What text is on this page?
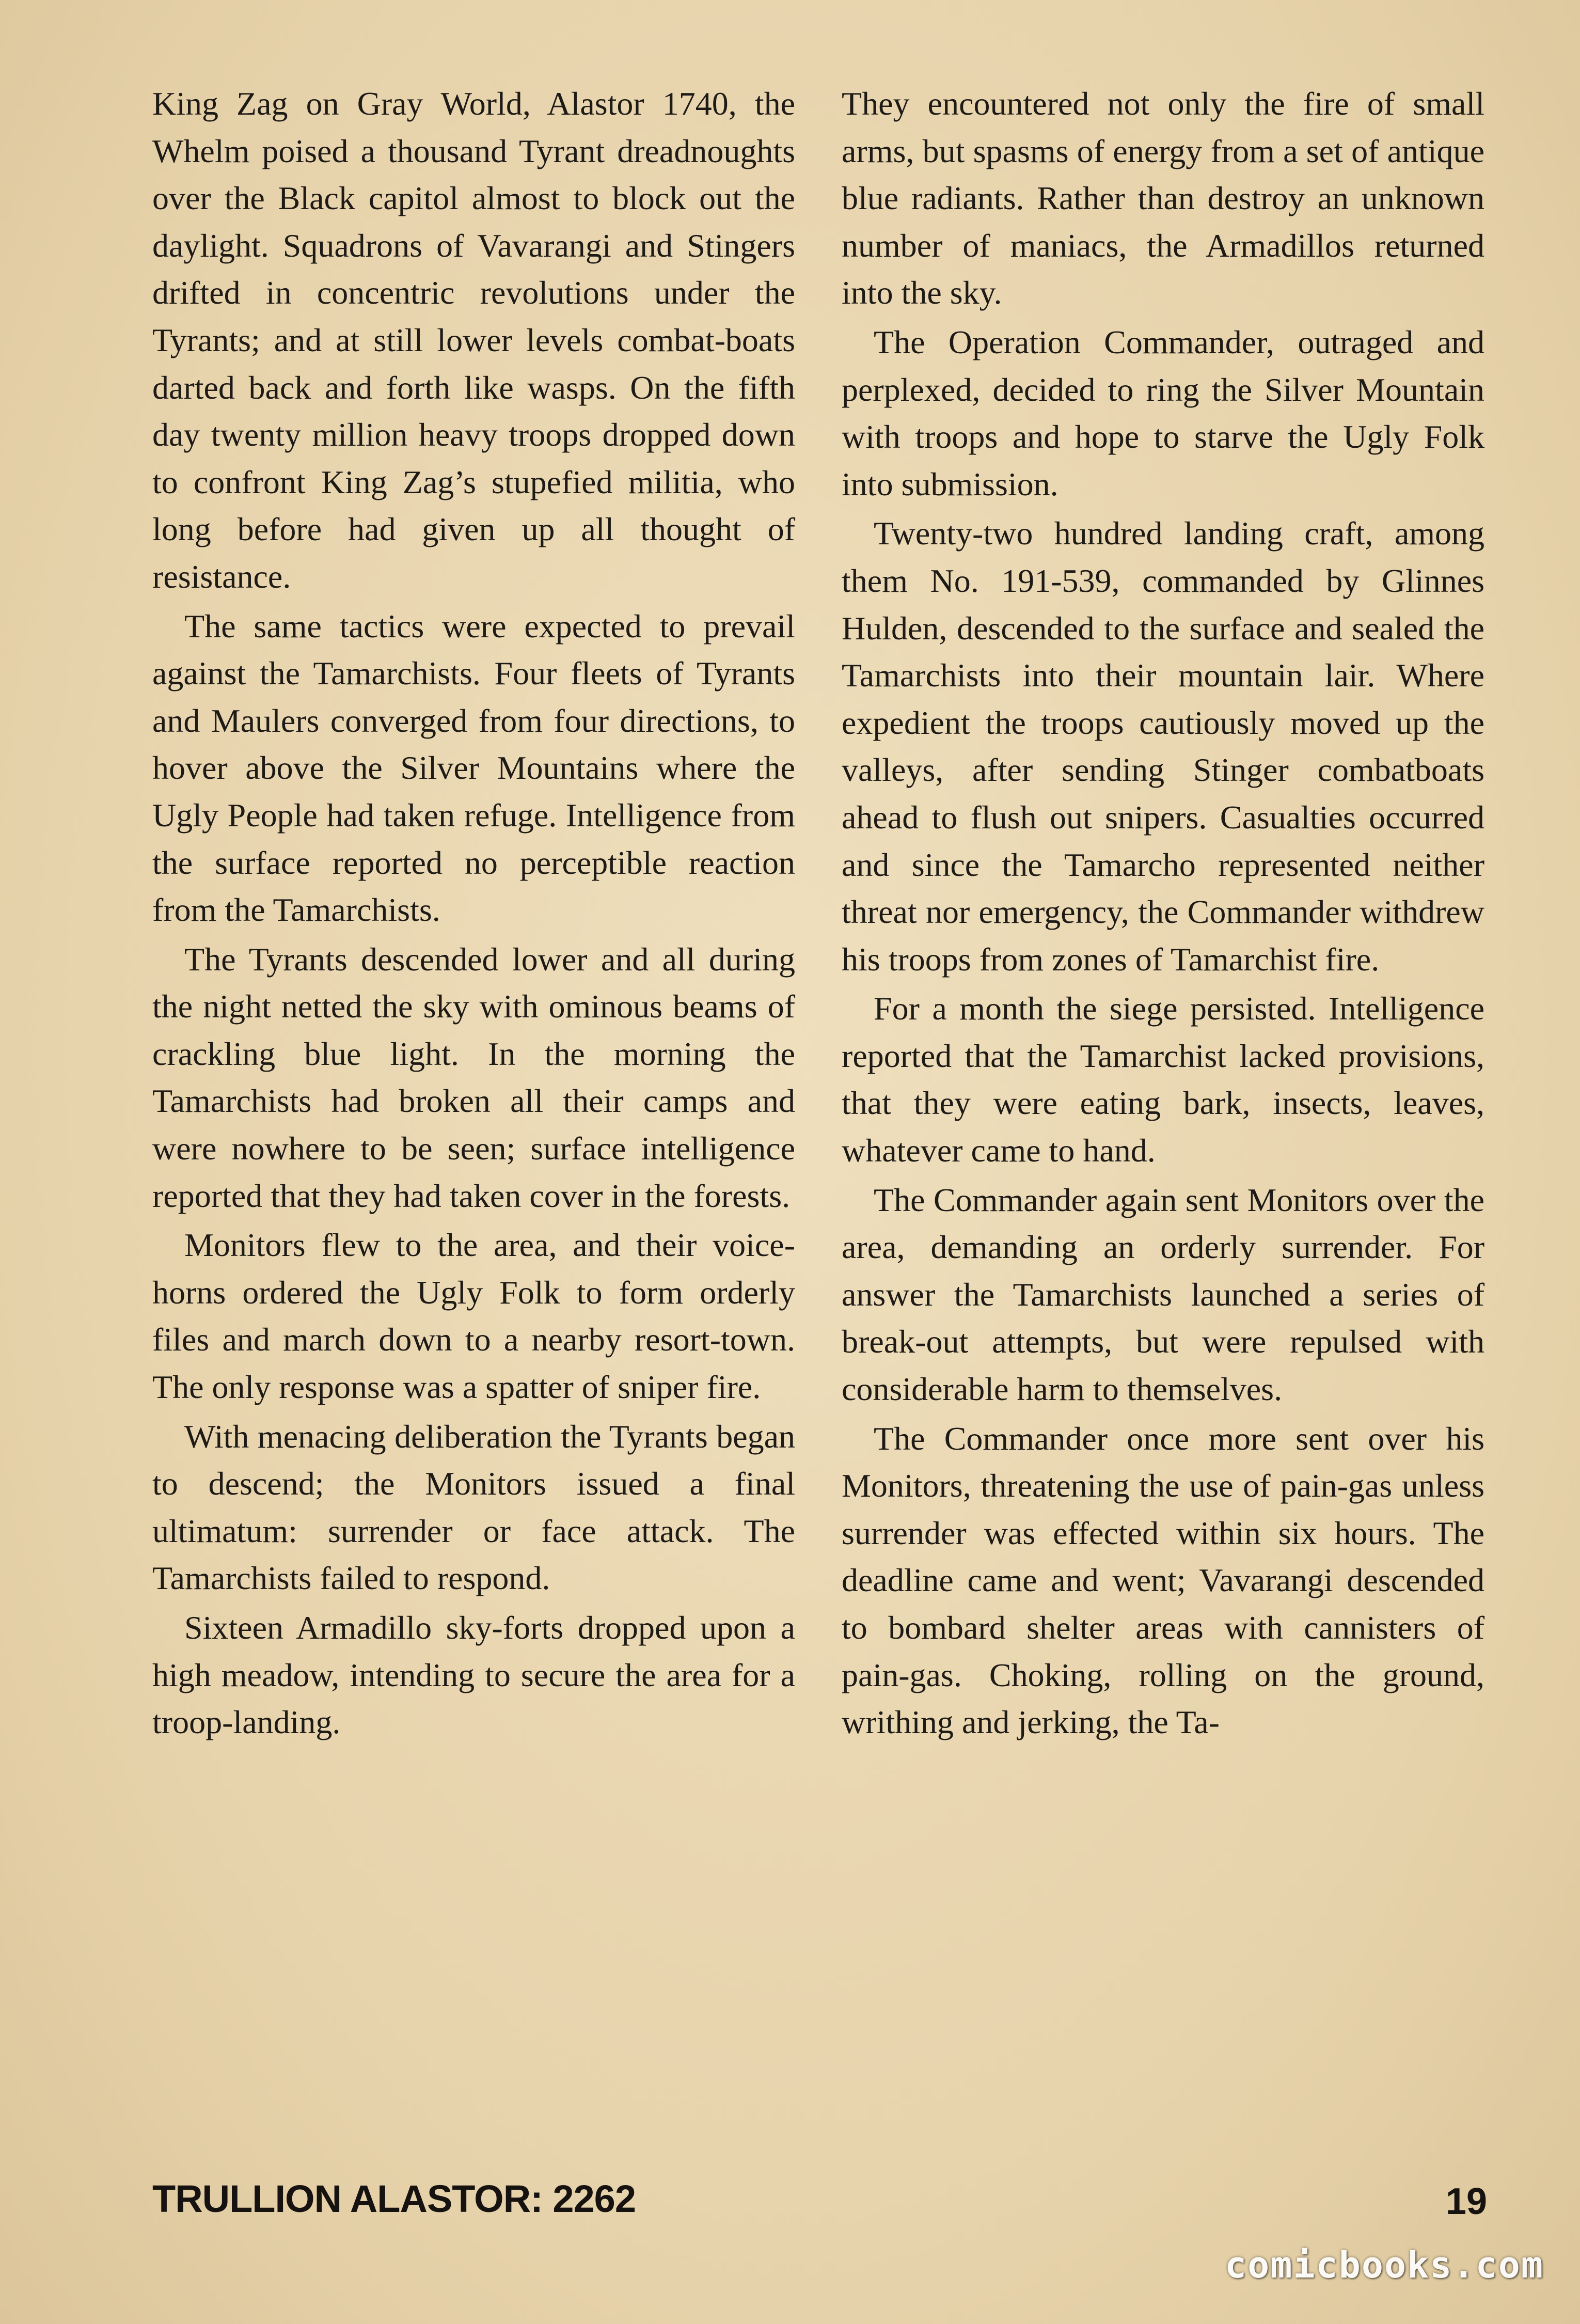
King Zag on Gray World, Alastor 1740, the Whelm poised a thousand Tyrant dreadnoughts over the Black capitol almost to block out the daylight. Squadrons of Vavarangi and Stingers drifted in concentric revolutions under the Tyrants; and at still lower levels combat-boats darted back and forth like wasps. On the fifth day twenty million heavy troops dropped down to confront King Zag’s stupefied militia, who long before had given up all thought of resistance.

The same tactics were expected to prevail against the Tamarchists. Four fleets of Tyrants and Maulers converged from four directions, to hover above the Silver Mountains where the Ugly People had taken refuge. Intelligence from the surface reported no perceptible reaction from the Tamarchists.

The Tyrants descended lower and all during the night netted the sky with ominous beams of crackling blue light. In the morning the Tamarchists had broken all their camps and were nowhere to be seen; surface intelligence reported that they had taken cover in the forests.

Monitors flew to the area, and their voice-horns ordered the Ugly Folk to form orderly files and march down to a nearby resort-town. The only response was a spatter of sniper fire.

With menacing deliberation the Tyrants began to descend; the Monitors issued a final ultimatum: surrender or face attack. The Tamarchists failed to respond.

Sixteen Armadillo sky-forts dropped upon a high meadow, intending to secure the area for a troop-landing.

They encountered not only the fire of small arms, but spasms of energy from a set of antique blue radiants. Rather than destroy an unknown number of maniacs, the Armadillos returned into the sky.

The Operation Commander, outraged and perplexed, decided to ring the Silver Mountain with troops and hope to starve the Ugly Folk into submission.

Twenty-two hundred landing craft, among them No. 191-539, commanded by Glinnes Hulden, descended to the surface and sealed the Tamarchists into their mountain lair. Where expedient the troops cautiously moved up the valleys, after sending Stinger combatboats ahead to flush out snipers. Casualties occurred and since the Tamarcho represented neither threat nor emergency, the Commander withdrew his troops from zones of Tamarchist fire.

For a month the siege persisted. Intelligence reported that the Tamarchist lacked provisions, that they were eating bark, insects, leaves, whatever came to hand.

The Commander again sent Monitors over the area, demanding an orderly surrender. For answer the Tamarchists launched a series of break-out attempts, but were repulsed with considerable harm to themselves.

The Commander once more sent over his Monitors, threatening the use of pain-gas unless surrender was effected within six hours. The deadline came and went; Vavarangi descended to bombard shelter areas with cannisters of pain-gas. Choking, rolling on the ground, writhing and jerking, the Ta-

TRULLION ALASTOR: 2262	19
comicbooks.com
